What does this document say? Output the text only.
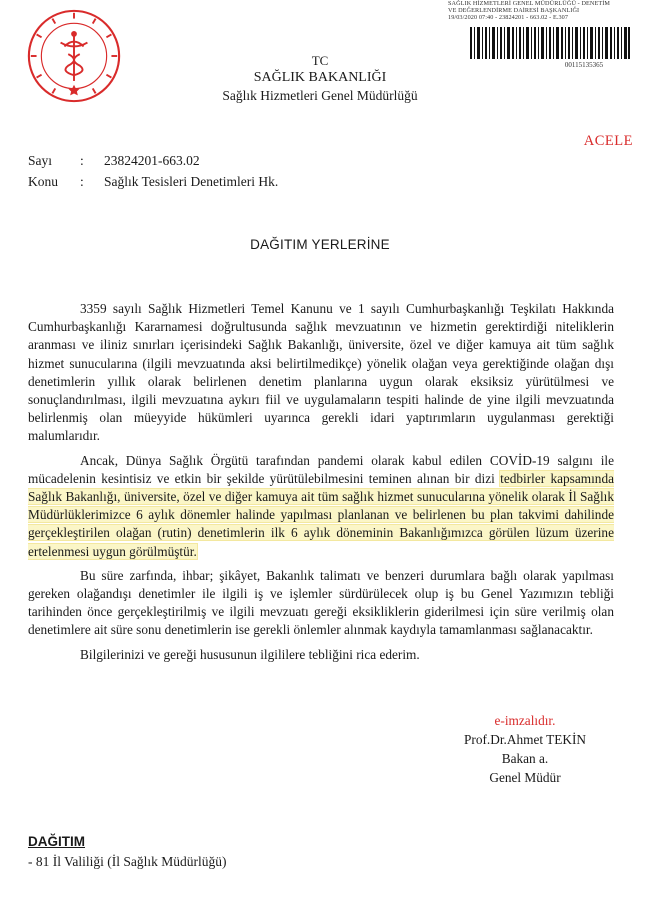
SAĞLIK HİZMETLERİ GENEL MÜDÜRLÜĞÜ - DENETİM
VE DEĞERLENDİRME DAİRESİ BAŞKANLIĞI
19/03/2020 07:40 - 23824201 - 663.02 - E.307
00115135365
TC
SAĞLIK BAKANLIĞI
Sağlık Hizmetleri Genel Müdürlüğü
ACELE
Sayı	:	23824201-663.02
Konu	:	Sağlık Tesisleri Denetimleri Hk.
DAĞITIM YERLERİNE

3359 sayılı Sağlık Hizmetleri Temel Kanunu ve 1 sayılı Cumhurbaşkanlığı Teşkilatı Hakkında Cumhurbaşkanlığı Kararnamesi doğrultusunda sağlık mevzuatının ve hizmetin gerektirdiği niteliklerin aranması ve iliniz sınırları içerisindeki Sağlık Bakanlığı, üniversite, özel ve diğer kamuya ait tüm sağlık hizmet sunucularına (ilgili mevzuatında aksi belirtilmedikçe) yönelik olağan veya gerektiğinde olağan dışı denetimlerin yıllık olarak belirlenen denetim planlarına uygun olarak eksiksiz yürütülmesi ve sonuçlandırılması, ilgili mevzuatına aykırı fiil ve uygulamaların tespiti halinde de yine ilgili mevzuatında belirlenmiş olan müeyyide hükümleri uyarınca gerekli idari yaptırımların uygulanması gerektiği malumlarıdır.

Ancak, Dünya Sağlık Örgütü tarafından pandemi olarak kabul edilen COVİD-19 salgını ile mücadelenin kesintisiz ve etkin bir şekilde yürütülebilmesini teminen alınan bir dizi tedbirler kapsamında Sağlık Bakanlığı, üniversite, özel ve diğer kamuya ait tüm sağlık hizmet sunucularına yönelik olarak İl Sağlık Müdürlüklerimizce 6 aylık dönemler halinde yapılması planlanan ve belirlenen bu plan takvimi dahilinde gerçekleştirilen olağan (rutin) denetimlerin ilk 6 aylık döneminin Bakanlığımızca görülen lüzum üzerine ertelenmesi uygun görülmüştür.

Bu süre zarfında, ihbar; şikâyet, Bakanlık talimatı ve benzeri durumlara bağlı olarak yapılması gereken olağandışı denetimler ile ilgili iş ve işlemler sürdürülecek olup iş bu Genel Yazımızın tebliği tarihinden önce gerçekleştirilmiş ve ilgili mevzuatı gereği eksikliklerin giderilmesi için süre verilmiş olan denetimlere ait süre sonu denetimlerin ise gerekli önlemler alınmak kaydıyla tamamlanması sağlanacaktır.

Bilgilerinizi ve gereği hususunun ilgililere tebliğini rica ederim.

e-imzalıdır.
Prof.Dr.Ahmet TEKİN
Bakan a.
Genel Müdür
DAĞITIM
- 81 İl Valiliği (İl Sağlık Müdürlüğü)
